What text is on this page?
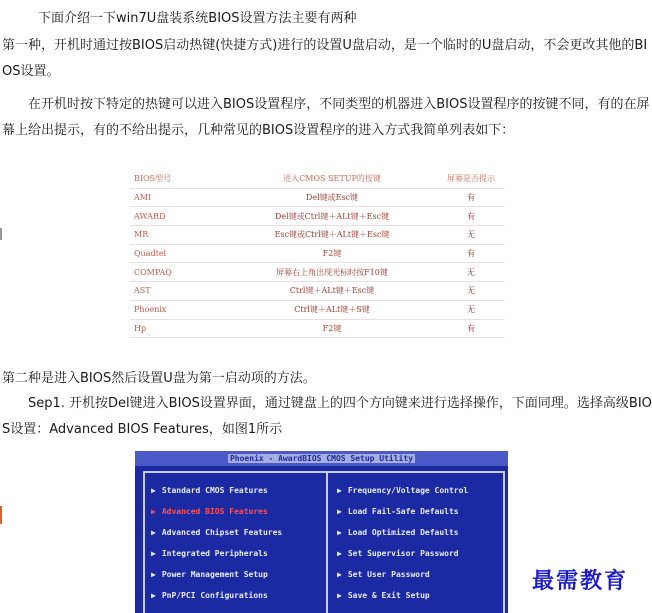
下面介绍一下win7U盘装系统BIOS设置方法主要有两种

第一种，开机时通过按BIOS启动热键(快捷方式)进行的设置U盘启动，是一个临时的U盘启动，不会更改其他的BI

OS设置。

在开机时按下特定的热键可以进入BIOS设置程序，不同类型的机器进入BIOS设置程序的按键不同，有的在屏

幕上给出提示，有的不给出提示，几种常见的BIOS设置程序的进入方式我简单列表如下：

BIOS型号	进入CMOS SETUP的按键	屏幕是否提示
AMI	Del键或Esc键	有
AWARD	Del键或Ctrl键＋ALt键＋Esc键	有
MR	Esc键或Ctrl键＋ALt键＋Esc键	无
Quadtel	F2键	有
COMPAQ	屏幕右上角出现光标时按F10键	无
AST	Ctrl键＋ALt键＋Esc键	无
Phoenix	Ctrl键＋ALt键＋S键	无
Hp	F2键	有

第二种是进入BIOS然后设置U盘为第一启动项的方法。

Sep1. 开机按Del键进入BIOS设置界面，通过键盘上的四个方向键来进行选择操作，下面同理。选择高级BIO

S设置：Advanced BIOS Features，如图1所示

Phoenix - AwardBIOS CMOS Setup Utility
▶ Standard CMOS Features
▶ Advanced BIOS Features
▶ Advanced Chipset Features
▶ Integrated Peripherals
▶ Power Management Setup
▶ PnP/PCI Configurations
▶ Frequency/Voltage Control
▶ Load Fail-Safe Defaults
▶ Load Optimized Defaults
▶ Set Supervisor Password
▶ Set User Password
▶ Save & Exit Setup
最需教育
